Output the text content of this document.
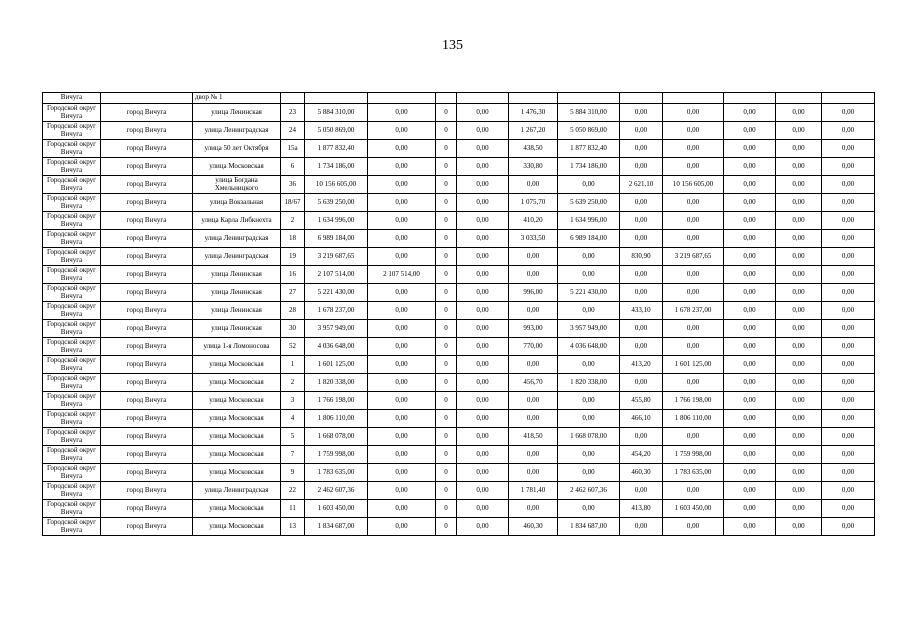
135
Вичуга		двор № 1												
Городской округ Вичуга	город Вичуга	улица Ленинская	23	5 884 310,00	0,00	0	0,00	1 476,30	5 884 310,00	0,00	0,00	0,00	0,00	0,00
Городской округ Вичуга	город Вичуга	улица Ленинградская	24	5 050 869,00	0,00	0	0,00	1 267,20	5 050 869,00	0,00	0,00	0,00	0,00	0,00
Городской округ Вичуга	город Вичуга	улица 50 лет Октября	15а	1 877 832,40	0,00	0	0,00	438,50	1 877 832,40	0,00	0,00	0,00	0,00	0,00
Городской округ Вичуга	город Вичуга	улица Московская	6	1 734 186,00	0,00	0	0,00	330,80	1 734 186,00	0,00	0,00	0,00	0,00	0,00
Городской округ Вичуга	город Вичуга	улица Богдана Хмельницкого	36	10 156 605,00	0,00	0	0,00	0,00	0,00	2 621,10	10 156 605,00	0,00	0,00	0,00
Городской округ Вичуга	город Вичуга	улица Вокзальная	18/67	5 639 250,00	0,00	0	0,00	1 075,70	5 639 250,00	0,00	0,00	0,00	0,00	0,00
Городской округ Вичуга	город Вичуга	улица Карла Либкнехта	2	1 634 996,00	0,00	0	0,00	410,20	1 634 996,00	0,00	0,00	0,00	0,00	0,00
Городской округ Вичуга	город Вичуга	улица Ленинградская	18	6 989 184,00	0,00	0	0,00	3 033,50	6 989 184,00	0,00	0,00	0,00	0,00	0,00
Городской округ Вичуга	город Вичуга	улица Ленинградская	19	3 219 687,65	0,00	0	0,00	0,00	0,00	830,90	3 219 687,65	0,00	0,00	0,00
Городской округ Вичуга	город Вичуга	улица Ленинская	16	2 107 514,00	2 107 514,00	0	0,00	0,00	0,00	0,00	0,00	0,00	0,00	0,00
Городской округ Вичуга	город Вичуга	улица Ленинская	27	5 221 430,00	0,00	0	0,00	996,00	5 221 430,00	0,00	0,00	0,00	0,00	0,00
Городской округ Вичуга	город Вичуга	улица Ленинская	28	1 678 237,00	0,00	0	0,00	0,00	0,00	433,10	1 678 237,00	0,00	0,00	0,00
Городской округ Вичуга	город Вичуга	улица Ленинская	30	3 957 949,00	0,00	0	0,00	993,00	3 957 949,00	0,00	0,00	0,00	0,00	0,00
Городской округ Вичуга	город Вичуга	улица 1-я Ломоносова	52	4 036 648,00	0,00	0	0,00	770,00	4 036 648,00	0,00	0,00	0,00	0,00	0,00
Городской округ Вичуга	город Вичуга	улица Московская	1	1 601 125,00	0,00	0	0,00	0,00	0,00	413,20	1 601 125,00	0,00	0,00	0,00
Городской округ Вичуга	город Вичуга	улица Московская	2	1 820 338,00	0,00	0	0,00	456,70	1 820 338,00	0,00	0,00	0,00	0,00	0,00
Городской округ Вичуга	город Вичуга	улица Московская	3	1 766 198,00	0,00	0	0,00	0,00	0,00	455,80	1 766 198,00	0,00	0,00	0,00
Городской округ Вичуга	город Вичуга	улица Московская	4	1 806 110,00	0,00	0	0,00	0,00	0,00	466,10	1 806 110,00	0,00	0,00	0,00
Городской округ Вичуга	город Вичуга	улица Московская	5	1 668 078,00	0,00	0	0,00	418,50	1 668 078,00	0,00	0,00	0,00	0,00	0,00
Городской округ Вичуга	город Вичуга	улица Московская	7	1 759 998,00	0,00	0	0,00	0,00	0,00	454,20	1 759 998,00	0,00	0,00	0,00
Городской округ Вичуга	город Вичуга	улица Московская	9	1 783 635,00	0,00	0	0,00	0,00	0,00	460,30	1 783 635,00	0,00	0,00	0,00
Городской округ Вичуга	город Вичуга	улица Ленинградская	22	2 462 607,36	0,00	0	0,00	1 781,40	2 462 607,36	0,00	0,00	0,00	0,00	0,00
Городской округ Вичуга	город Вичуга	улица Московская	11	1 603 450,00	0,00	0	0,00	0,00	0,00	413,80	1 603 450,00	0,00	0,00	0,00
Городской округ Вичуга	город Вичуга	улица Московская	13	1 834 687,00	0,00	0	0,00	460,30	1 834 687,00	0,00	0,00	0,00	0,00	0,00
